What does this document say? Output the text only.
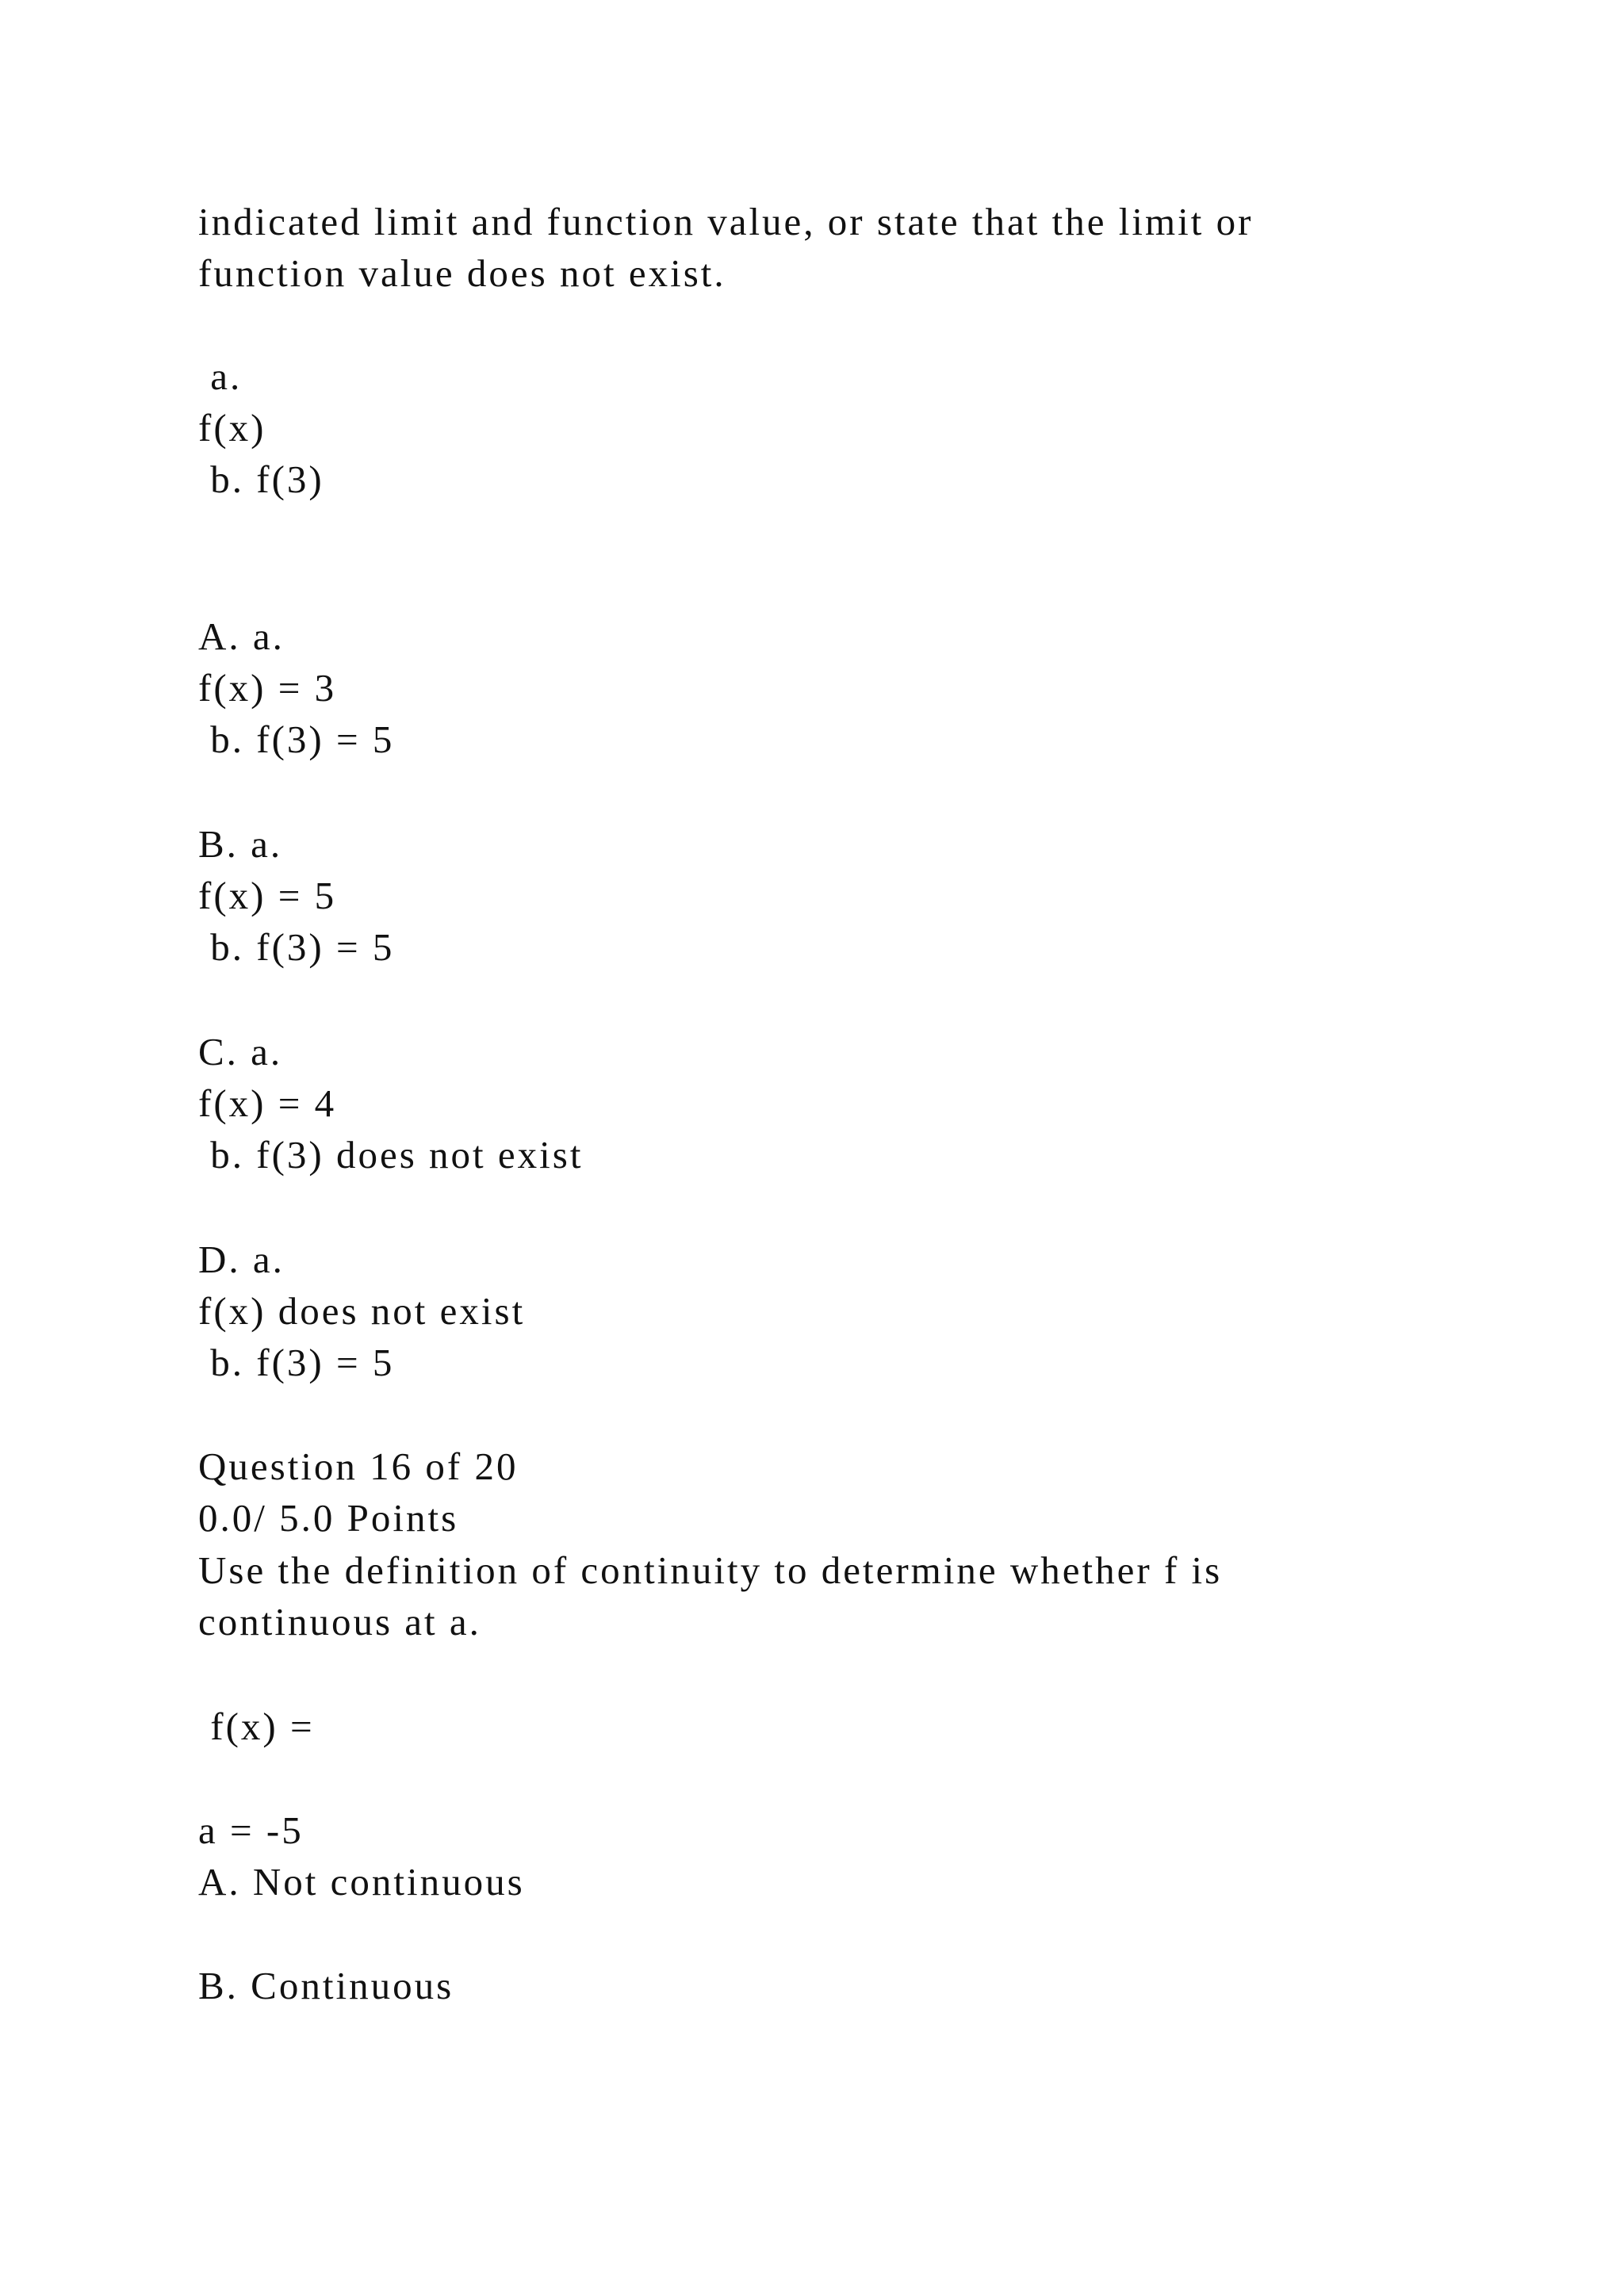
indicated limit and function value, or state that the limit or
function value does not exist.
a.
f(x)
b. f(3)
A. a.
f(x) = 3
b. f(3) = 5
B. a.
f(x) = 5
b. f(3) = 5
C. a.
f(x) = 4
b. f(3) does not exist
D. a.
f(x) does not exist
b. f(3) = 5
Question 16 of 20
0.0/ 5.0 Points
Use the definition of continuity to determine whether f is
continuous at a.
f(x) =
a = -5
A. Not continuous
B. Continuous
